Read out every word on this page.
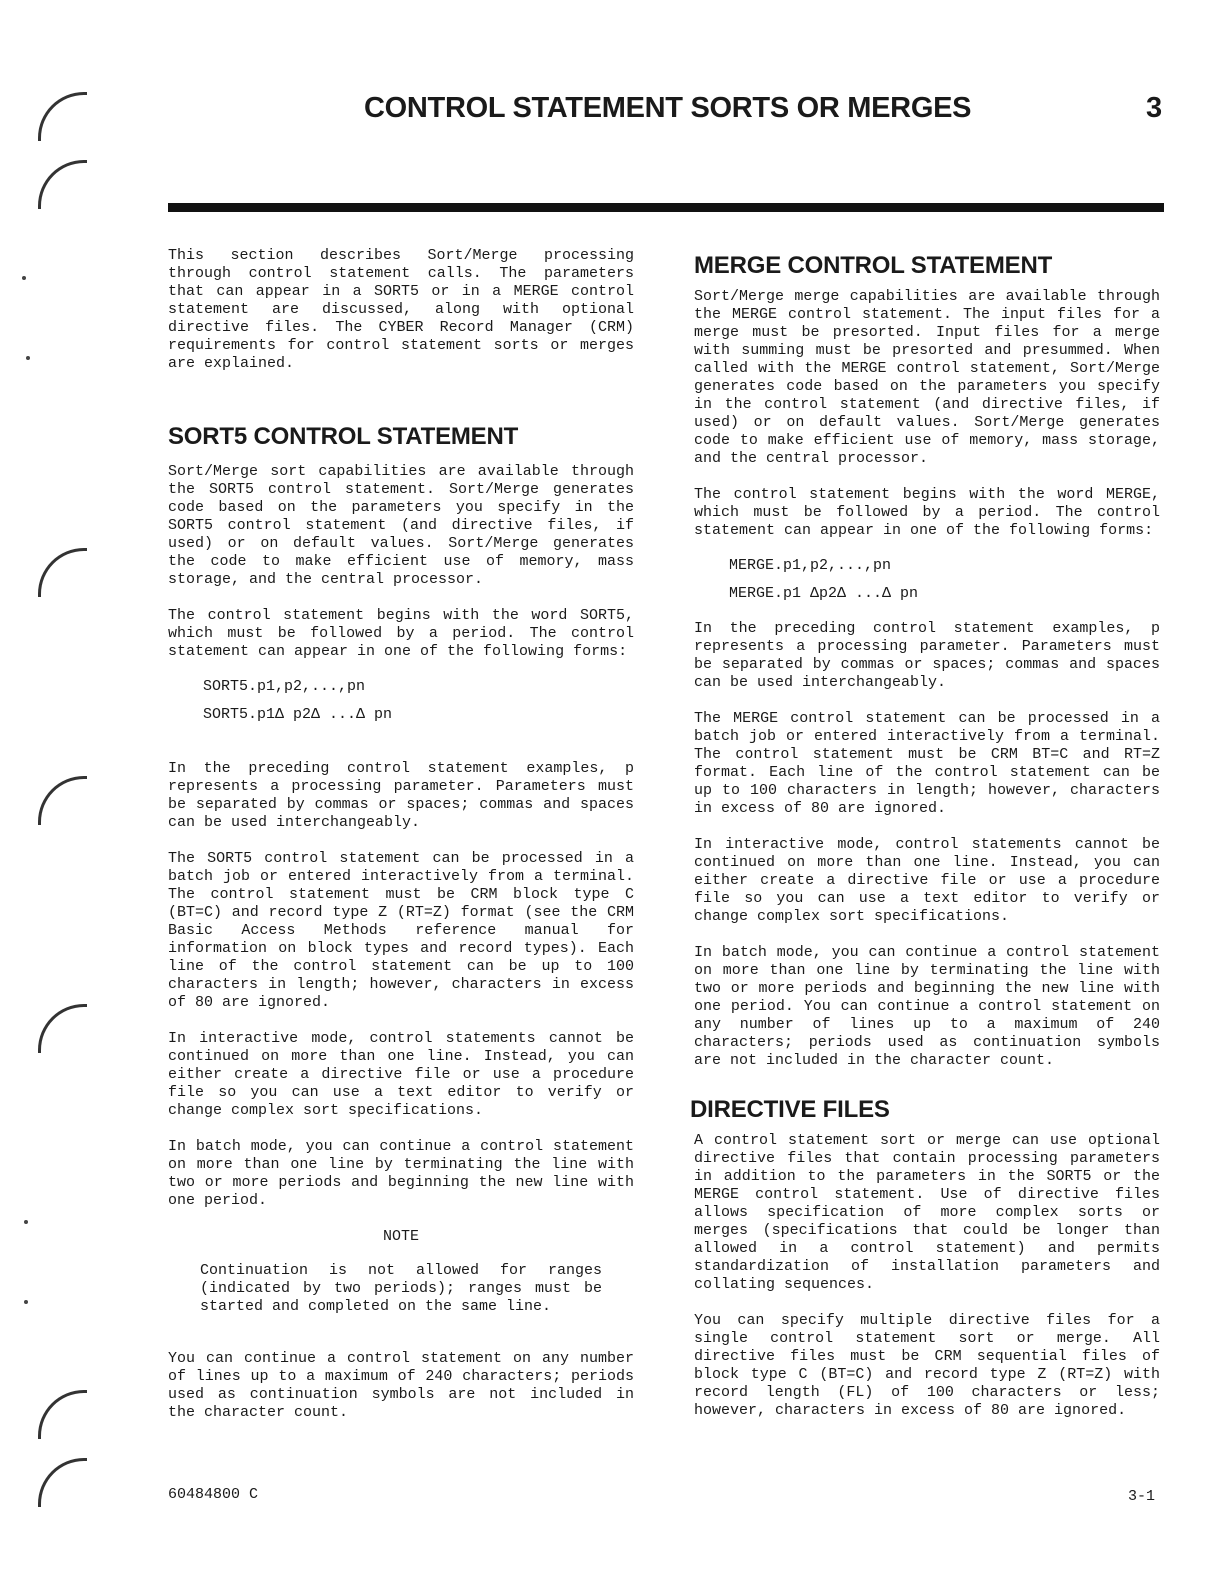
CONTROL STATEMENT SORTS OR MERGES	3

This section describes Sort/Merge processing through control statement calls. The parameters that can appear in a SORT5 or in a MERGE control statement are discussed, along with optional directive files. The CYBER Record Manager (CRM) requirements for control statement sorts or merges are explained.

SORT5 CONTROL STATEMENT

Sort/Merge sort capabilities are available through the SORT5 control statement. Sort/Merge generates code based on the parameters you specify in the SORT5 control statement (and directive files, if used) or on default values. Sort/Merge generates the code to make efficient use of memory, mass storage, and the central processor.

The control statement begins with the word SORT5, which must be followed by a period. The control statement can appear in one of the following forms:

SORT5.p1,p2,...,pn
SORT5.p1Δ p2Δ ...Δ pn

In the preceding control statement examples, p represents a processing parameter. Parameters must be separated by commas or spaces; commas and spaces can be used interchangeably.

The SORT5 control statement can be processed in a batch job or entered interactively from a terminal. The control statement must be CRM block type C (BT=C) and record type Z (RT=Z) format (see the CRM Basic Access Methods reference manual for information on block types and record types). Each line of the control statement can be up to 100 characters in length; however, characters in excess of 80 are ignored.

In interactive mode, control statements cannot be continued on more than one line. Instead, you can either create a directive file or use a procedure file so you can use a text editor to verify or change complex sort specifications.

In batch mode, you can continue a control statement on more than one line by terminating the line with two or more periods and beginning the new line with one period.

NOTE

Continuation is not allowed for ranges (indicated by two periods); ranges must be started and completed on the same line.

You can continue a control statement on any number of lines up to a maximum of 240 characters; periods used as continuation symbols are not included in the character count.

MERGE CONTROL STATEMENT

Sort/Merge merge capabilities are available through the MERGE control statement. The input files for a merge must be presorted. Input files for a merge with summing must be presorted and presummed. When called with the MERGE control statement, Sort/Merge generates code based on the parameters you specify in the control statement (and directive files, if used) or on default values. Sort/Merge generates code to make efficient use of memory, mass storage, and the central processor.

The control statement begins with the word MERGE, which must be followed by a period. The control statement can appear in one of the following forms:

MERGE.p1,p2,...,pn
MERGE.p1 Δp2Δ ...Δ pn

In the preceding control statement examples, p represents a processing parameter. Parameters must be separated by commas or spaces; commas and spaces can be used interchangeably.

The MERGE control statement can be processed in a batch job or entered interactively from a terminal. The control statement must be CRM BT=C and RT=Z format. Each line of the control statement can be up to 100 characters in length; however, characters in excess of 80 are ignored.

In interactive mode, control statements cannot be continued on more than one line. Instead, you can either create a directive file or use a procedure file so you can use a text editor to verify or change complex sort specifications.

In batch mode, you can continue a control statement on more than one line by terminating the line with two or more periods and beginning the new line with one period. You can continue a control statement on any number of lines up to a maximum of 240 characters; periods used as continuation symbols are not included in the character count.

DIRECTIVE FILES

A control statement sort or merge can use optional directive files that contain processing parameters in addition to the parameters in the SORT5 or the MERGE control statement. Use of directive files allows specification of more complex sorts or merges (specifications that could be longer than allowed in a control statement) and permits standardization of installation parameters and collating sequences.

You can specify multiple directive files for a single control statement sort or merge. All directive files must be CRM sequential files of block type C (BT=C) and record type Z (RT=Z) with record length (FL) of 100 characters or less; however, characters in excess of 80 are ignored.

60484800 C	3-1
